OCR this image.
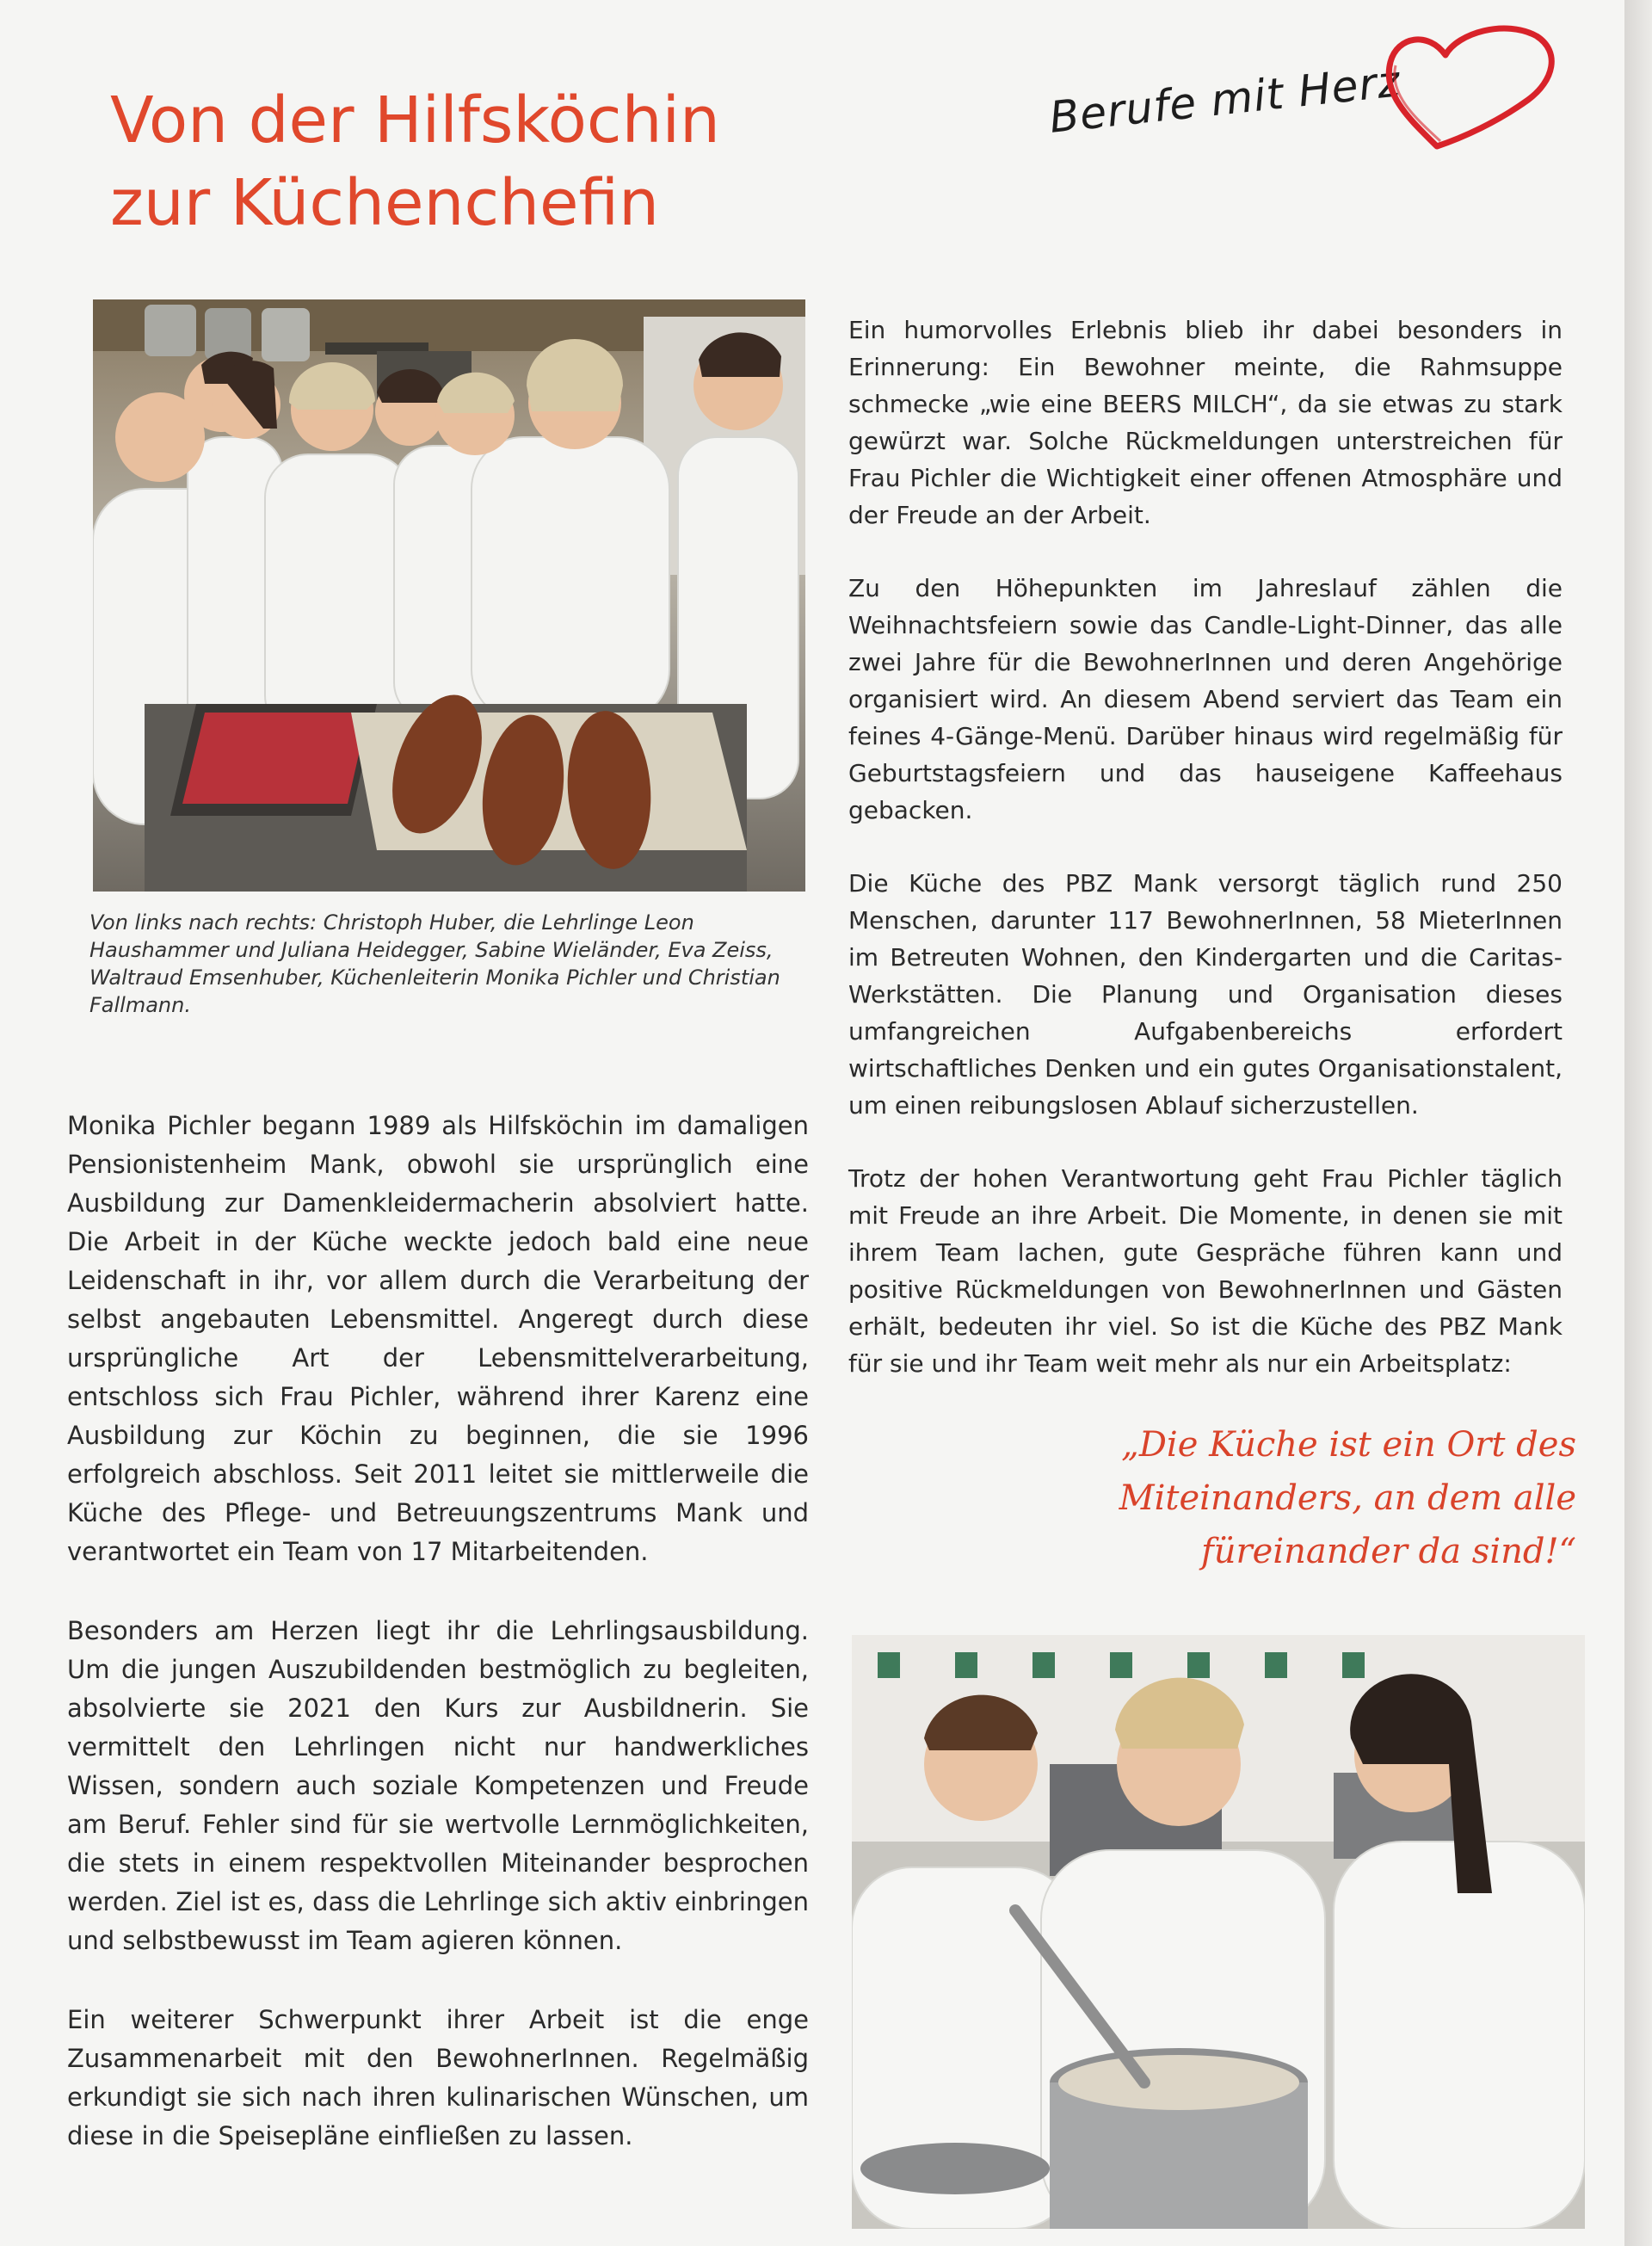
Von der Hilfsköchin
zur Küchenchefin
Berufe mit Herz

Von links nach rechts: Christoph Huber, die Lehrlinge Leon Haushammer und Juliana Heidegger, Sabine Wieländer, Eva Zeiss, Waltraud Emsenhuber, Küchenleiterin Monika Pichler und Christian Fallmann.

Monika Pichler begann 1989 als Hilfsköchin im damaligen Pensionistenheim Mank, obwohl sie ursprünglich eine Ausbildung zur Damenkleidermacherin absolviert hatte. Die Arbeit in der Küche weckte jedoch bald eine neue Leidenschaft in ihr, vor allem durch die Verarbeitung der selbst angebauten Lebensmittel. Angeregt durch diese ursprüngliche Art der Lebensmittelverarbeitung, entschloss sich Frau Pichler, während ihrer Karenz eine Ausbildung zur Köchin zu beginnen, die sie 1996 erfolgreich abschloss. Seit 2011 leitet sie mittlerweile die Küche des Pflege- und Betreuungszentrums Mank und verantwortet ein Team von 17 Mitarbeitenden.

Besonders am Herzen liegt ihr die Lehrlingsausbildung. Um die jungen Auszubildenden bestmöglich zu begleiten, absolvierte sie 2021 den Kurs zur Ausbildnerin. Sie vermittelt den Lehrlingen nicht nur handwerkliches Wissen, sondern auch soziale Kompetenzen und Freude am Beruf. Fehler sind für sie wertvolle Lernmöglichkeiten, die stets in einem respektvollen Miteinander besprochen werden. Ziel ist es, dass die Lehrlinge sich aktiv einbringen und selbstbewusst im Team agieren können.

Ein weiterer Schwerpunkt ihrer Arbeit ist die enge Zusammenarbeit mit den BewohnerInnen. Regelmäßig erkundigt sie sich nach ihren kulinarischen Wünschen, um diese in die Speisepläne einfließen zu lassen.

Ein humorvolles Erlebnis blieb ihr dabei besonders in Erinnerung: Ein Bewohner meinte, die Rahmsuppe schmecke „wie eine BEERS MILCH“, da sie etwas zu stark gewürzt war. Solche Rückmeldungen unterstreichen für Frau Pichler die Wichtigkeit einer offenen Atmosphäre und der Freude an der Arbeit.

Zu den Höhepunkten im Jahreslauf zählen die Weihnachtsfeiern sowie das Candle-Light-Dinner, das alle zwei Jahre für die BewohnerInnen und deren Angehörige organisiert wird. An diesem Abend serviert das Team ein feines 4-Gänge-Menü. Darüber hinaus wird regelmäßig für Geburtstagsfeiern und das hauseigene Kaffeehaus gebacken.

Die Küche des PBZ Mank versorgt täglich rund 250 Menschen, darunter 117 BewohnerInnen, 58 MieterInnen im Betreuten Wohnen, den Kindergarten und die Caritas-Werkstätten. Die Planung und Organisation dieses umfangreichen Aufgabenbereichs erfordert wirtschaftliches Denken und ein gutes Organisationstalent, um einen reibungslosen Ablauf sicherzustellen.

Trotz der hohen Verantwortung geht Frau Pichler täglich mit Freude an ihre Arbeit. Die Momente, in denen sie mit ihrem Team lachen, gute Gespräche führen kann und positive Rückmeldungen von BewohnerInnen und Gästen erhält, bedeuten ihr viel. So ist die Küche des PBZ Mank für sie und ihr Team weit mehr als nur ein Arbeitsplatz:

„Die Küche ist ein Ort des Miteinanders, an dem alle füreinander da sind!“
